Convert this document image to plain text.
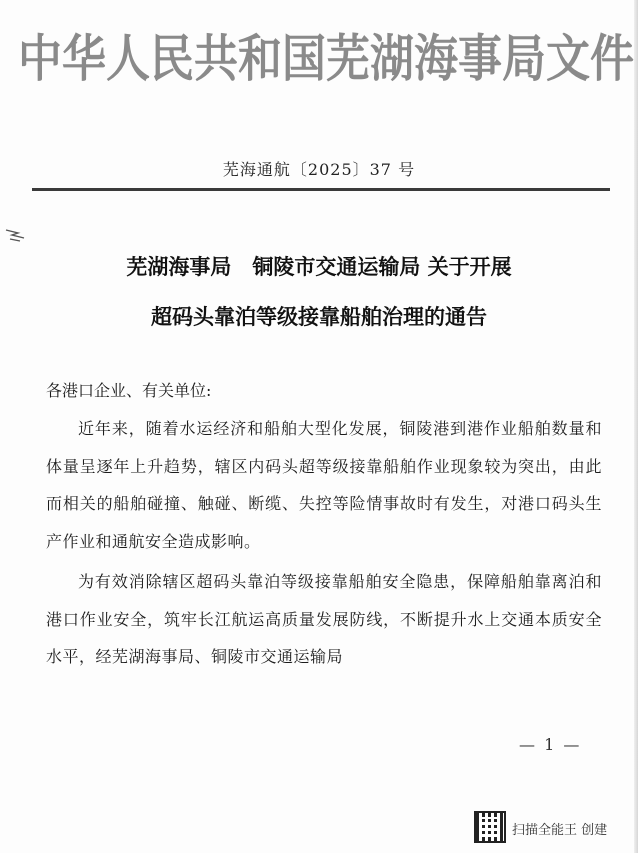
中华人民共和国芜湖海事局文件
芜海通航〔2025〕37 号
芜湖海事局　铜陵市交通运输局 关于开展
超码头靠泊等级接靠船舶治理的通告
各港口企业、有关单位:
近年来，随着水运经济和船舶大型化发展，铜陵港到港作业船舶数量和体量呈逐年上升趋势，辖区内码头超等级接靠船舶作业现象较为突出，由此而相关的船舶碰撞、触碰、断缆、失控等险情事故时有发生，对港口码头生产作业和通航安全造成影响。
为有效消除辖区超码头靠泊等级接靠船舶安全隐患，保障船舶靠离泊和港口作业安全，筑牢长江航运高质量发展防线，不断提升水上交通本质安全水平，经芜湖海事局、铜陵市交通运输局
— 1 —
扫描全能王 创建
